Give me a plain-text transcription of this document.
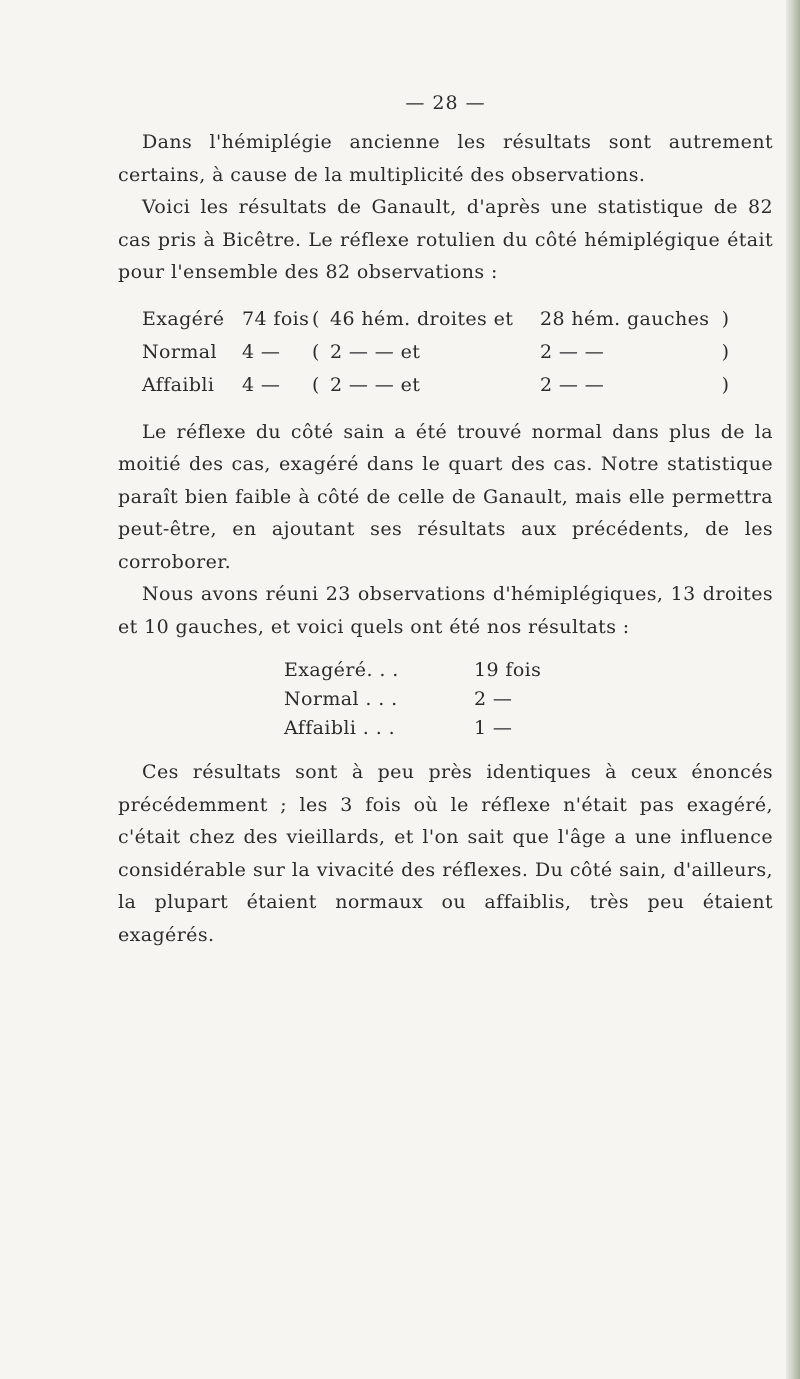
— 28 —

Dans l'hémiplégie ancienne les résultats sont autrement certains, à cause de la multiplicité des observations.

Voici les résultats de Ganault, d'après une statistique de 82 cas pris à Bicêtre. Le réflexe rotulien du côté hémiplégique était pour l'ensemble des 82 observations :

Exagéré	74 fois	(	46 hém. droites et	28 hém. gauches	)
Normal	4 —	(	2 — — et	2 — —	)
Affaibli	4 —	(	2 — — et	2 — —	)

Le réflexe du côté sain a été trouvé normal dans plus de la moitié des cas, exagéré dans le quart des cas. Notre statistique paraît bien faible à côté de celle de Ganault, mais elle permettra peut-être, en ajoutant ses résultats aux précédents, de les corroborer.

Nous avons réuni 23 observations d'hémiplégiques, 13 droites et 10 gauches, et voici quels ont été nos résultats :

Exagéré. . .	19 fois
Normal . . .	2 —
Affaibli . . .	1 —

Ces résultats sont à peu près identiques à ceux énoncés précédemment ; les 3 fois où le réflexe n'était pas exagéré, c'était chez des vieillards, et l'on sait que l'âge a une influence considérable sur la vivacité des réflexes. Du côté sain, d'ailleurs, la plupart étaient normaux ou affaiblis, très peu étaient exagérés.
